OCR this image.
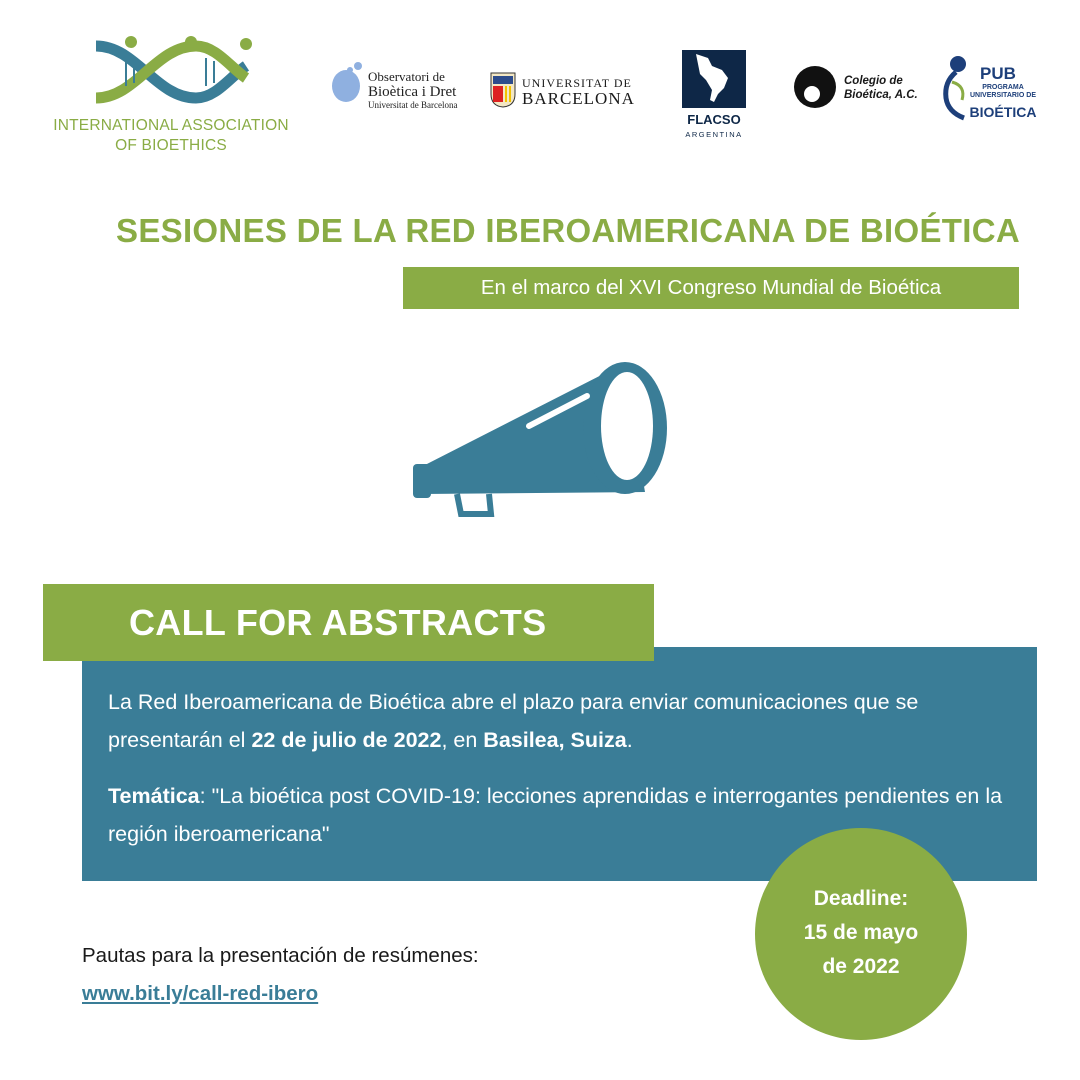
INTERNATIONAL ASSOCIATION
OF BIOETHICS
Observatori de
Bioètica i Dret
Universitat de Barcelona
UNIVERSITAT DE
BARCELONA
FLACSO
ARGENTINA
Colegio de
Bioética, A.C.
PUB
PROGRAMA UNIVERSITARIO DE
BIOÉTICA
SESIONES DE LA RED IBEROAMERICANA DE BIOÉTICA
En el marco del XVI Congreso Mundial de Bioética

La Red Iberoamericana de Bioética abre el plazo para enviar comunicaciones que se presentarán el 22 de julio de 2022, en Basilea, Suiza.

Temática: "La bioética post COVID-19: lecciones aprendidas e interrogantes pendientes en la región iberoamericana"

CALL FOR ABSTRACTS
Deadline:
15 de mayo
de 2022
Pautas para la presentación de resúmenes:
www.bit.ly/call-red-ibero
